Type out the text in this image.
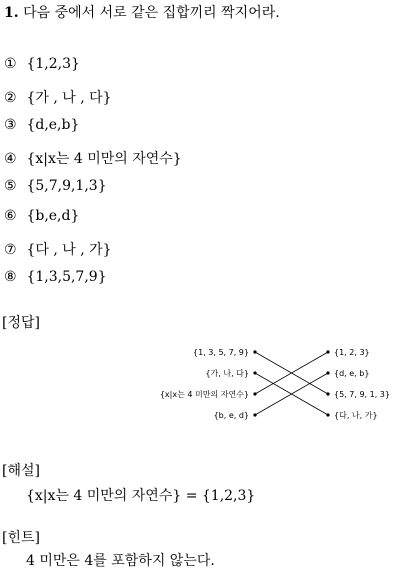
1. 다음 중에서 서로 같은 집합끼리 짝지어라.
① {1,2,3}
② {가 , 나 , 다}
③ {d,e,b}
④ {x|x는 4 미만의 자연수}
⑤ {5,7,9,1,3}
⑥ {b,e,d}
⑦ {다 , 나 , 가}
⑧ {1,3,5,7,9}
[정답]
{1, 3, 5, 7, 9}
{가, 나, 다}
{x|x는 4 미만의 자연수}
{b, e, d}
{1, 2, 3}
{d, e, b}
{5, 7, 9, 1, 3}
{다, 나, 가}
[해설]
{x|x는 4 미만의 자연수} = {1,2,3}
[힌트]
4 미만은 4를 포함하지 않는다.
